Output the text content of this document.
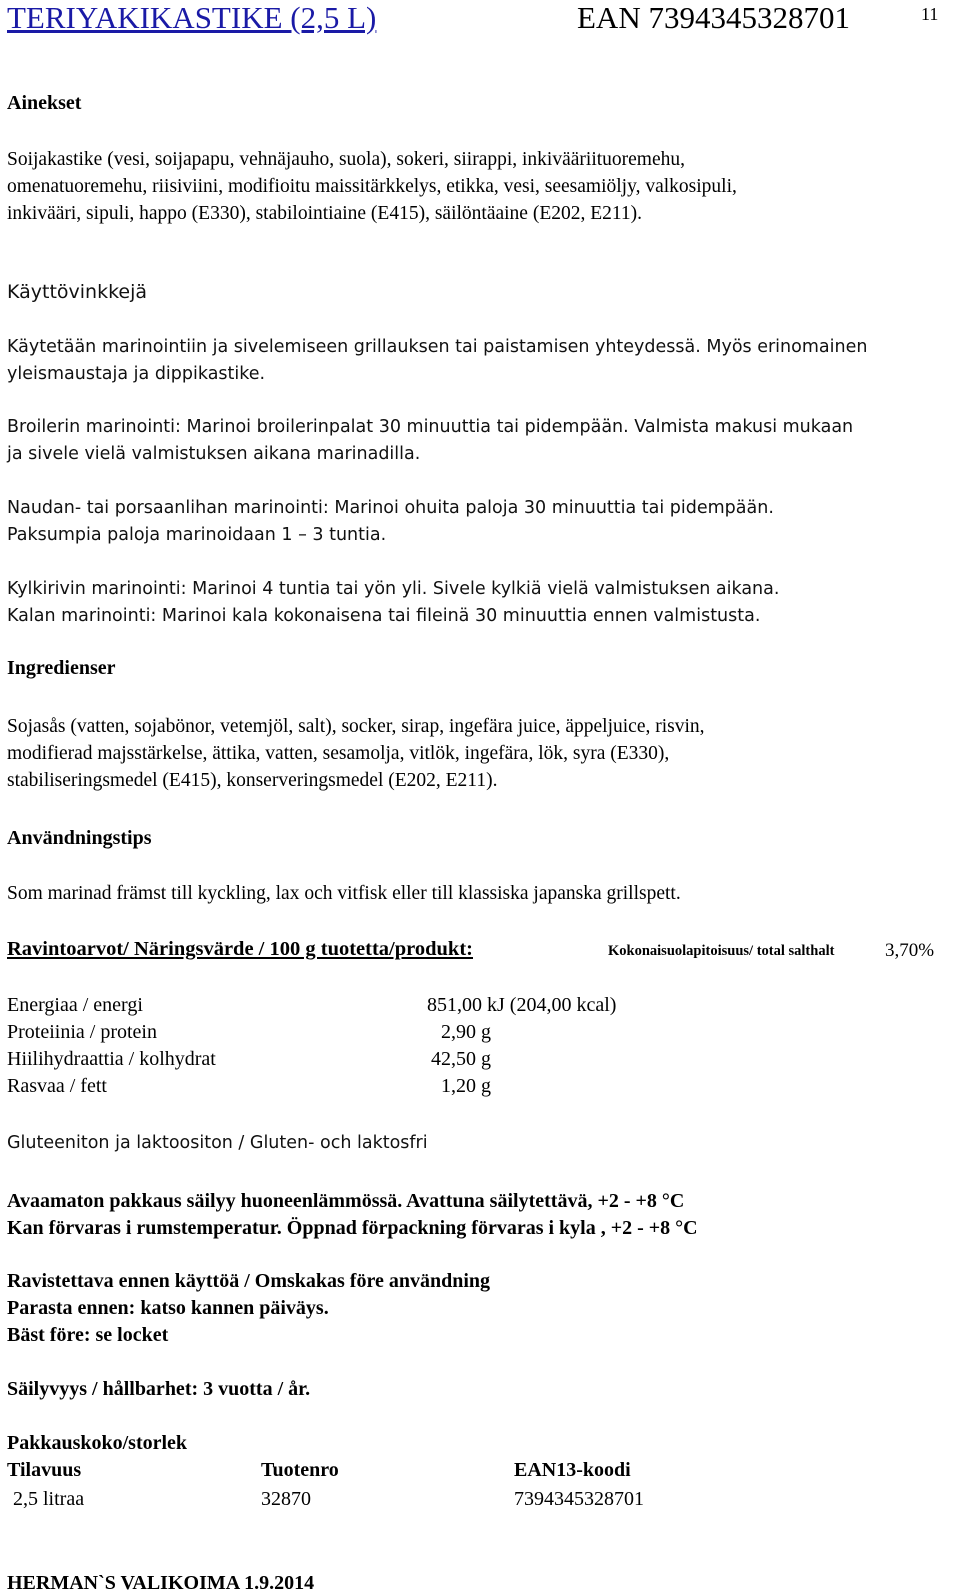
TERIYAKIKASTIKE (2,5 L)	EAN 7394345328701	11
Ainekset
Soijakastike (vesi, soijapapu, vehnäjauho, suola), sokeri, siirappi, inkivääriituoremehu,
omenatuoremehu, riisiviini, modifioitu maissitärkkelys, etikka, vesi, seesamiöljy, valkosipuli,
inkivääri, sipuli, happo (E330), stabilointiaine (E415), säilöntäaine (E202, E211).
Käyttövinkkejä
Käytetään marinointiin ja sivelemiseen grillauksen tai paistamisen yhteydessä. Myös erinomainen
yleismaustaja ja dippikastike.
Broilerin marinointi: Marinoi broilerinpalat 30 minuuttia tai pidempään. Valmista makusi mukaan
ja sivele vielä valmistuksen aikana marinadilla.
Naudan- tai porsaanlihan marinointi: Marinoi ohuita paloja 30 minuuttia tai pidempään.
Paksumpia paloja marinoidaan 1 – 3 tuntia.
Kylkirivin marinointi: Marinoi 4 tuntia tai yön yli. Sivele kylkiä vielä valmistuksen aikana.
Kalan marinointi: Marinoi kala kokonaisena tai fileinä 30 minuuttia ennen valmistusta.
Ingredienser
Sojasås (vatten, sojabönor, vetemjöl, salt), socker, sirap, ingefära juice, äppeljuice, risvin,
modifierad majsstärkelse, ättika, vatten, sesamolja, vitlök, ingefära, lök, syra (E330),
stabiliseringsmedel (E415), konserveringsmedel (E202, E211).
Användningstips
Som marinad främst till kyckling, lax och vitfisk eller till klassiska japanska grillspett.
Ravintoarvot/ Näringsvärde / 100 g tuotetta/produkt:	Kokonaisuolapitoisuus/ total salthalt	3,70%
Energiaa / energi	851,00 kJ (204,00 kcal)
Proteiinia / protein	2,90 g
Hiilihydraattia / kolhydrat	42,50 g
Rasvaa / fett	1,20 g
Gluteeniton ja laktoositon / Gluten- och laktosfri
Avaamaton pakkaus säilyy huoneenlämmössä. Avattuna säilytettävä, +2 - +8 °C
Kan förvaras i rumstemperatur. Öppnad förpackning förvaras i kyla , +2 - +8 °C
Ravistettava ennen käyttöä / Omskakas före användning
Parasta ennen: katso kannen päiväys.
Bäst före: se locket
Säilyvyys / hållbarhet: 3 vuotta / år.
Pakkauskoko/storlek
Tilavuus	Tuotenro	EAN13-koodi
2,5 litraa	32870	7394345328701
HERMAN`S VALIKOIMA 1.9.2014
